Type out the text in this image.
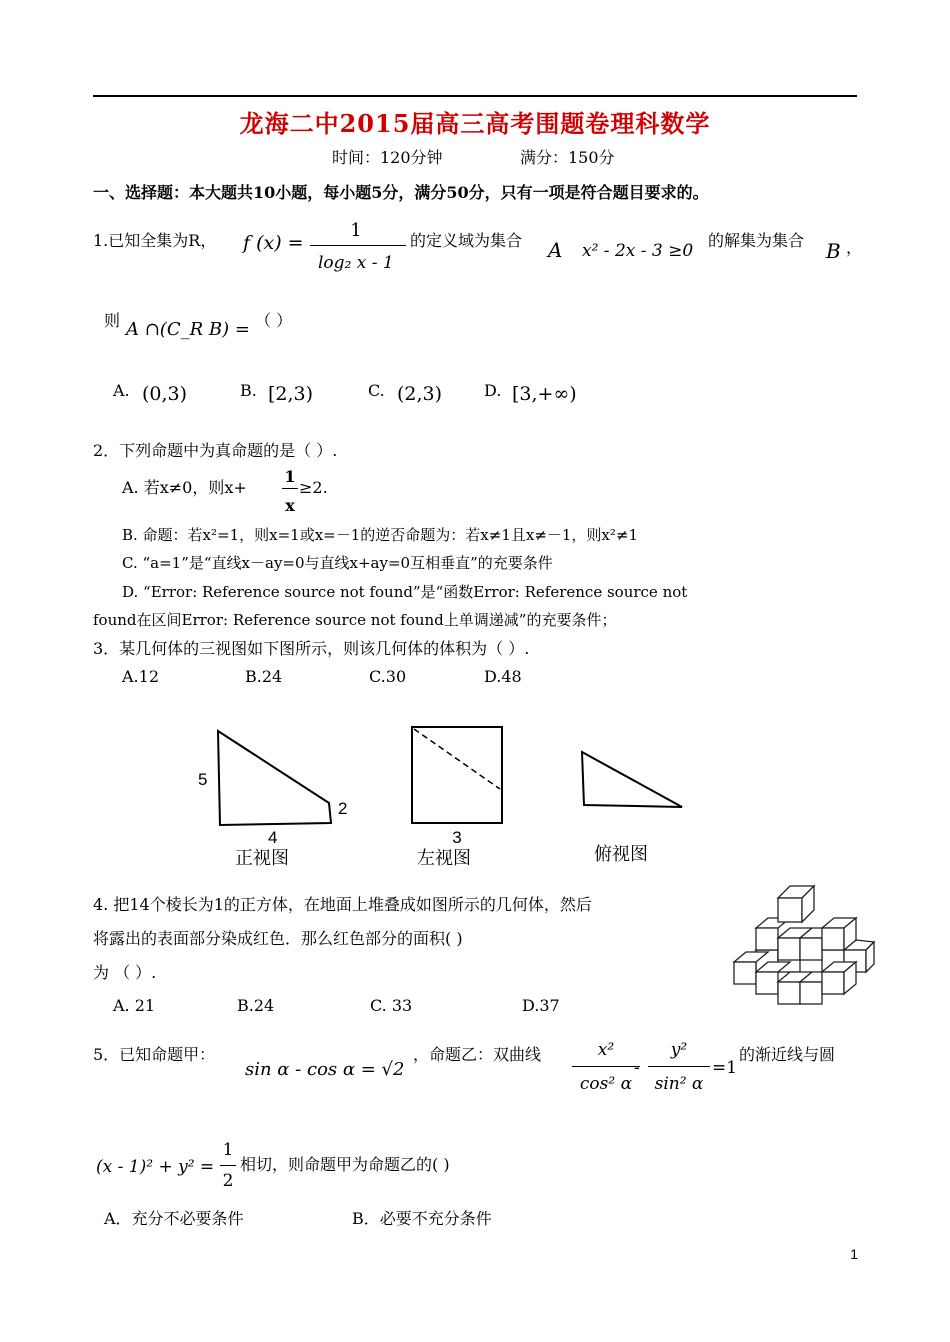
龙海二中2015届高三高考围题卷理科数学
时间：120分钟	满分：150分
一、选择题：本大题共10小题，每小题5分，满分50分，只有一项是符合题目要求的。
1.已知全集为R， f (x) =
1
log₂ x - 1
的定义域为集合 A x² - 2x - 3 ≥0
的解集为集合 B ，
则 A ∩(C_R B) = （ ）
A. (0,3)	B. [2,3)	C. (2,3)	D. [3,+∞)
2．下列命题中为真命题的是（ ）.
A. 若x≠0，则x+
1
x
≥2.
B. 命题：若x²=1，则x=1或x=－1的逆否命题为：若x≠1且x≠－1，则x²≠1
C. “a=1”是“直线x－ay=0与直线x+ay=0互相垂直”的充要条件
D. “Error: Reference source not found”是“函数Error: Reference source not
found在区间Error: Reference source not found上单调递减”的充要条件；
3．某几何体的三视图如下图所示，则该几何体的体积为（ ）.
A.12	B.24	C.30	D.48
5
2
4
正视图
3
左视图	俯视图
4. 把14个棱长为1的正方体，在地面上堆叠成如图所示的几何体，然后
将露出的表面部分染成红色．那么红色部分的面积( )
为 （ ）.
A. 21	B.24	C. 33	D.37
5．已知命题甲：
sin α - cos α = √2
，命题乙：双曲线	x²
cos² α
-
y²
sin² α
=1
的渐近线与圆
(x - 1)² + y² =
1
2
相切，则命题甲为命题乙的( )
A．充分不必要条件	B．必要不充分条件
1
